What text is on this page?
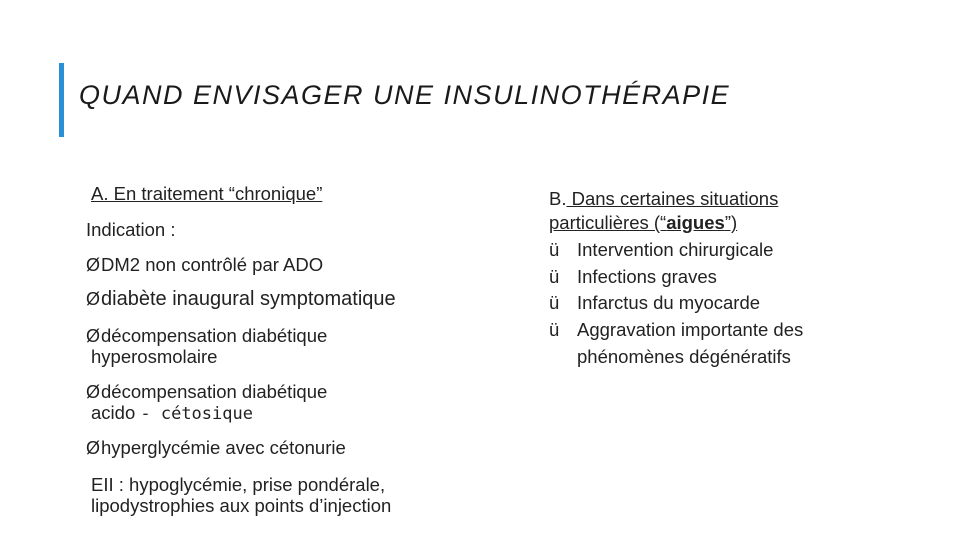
QUAND ENVISAGER UNE INSULINOTHÉRAPIE
A. En traitement “chronique”
Indication :
ØDM2 non contrôlé par ADO
Ødiabète inaugural symptomatique
Ødécompensation diabétique
hyperosmolaire
Ødécompensation diabétique
acido - cétosique
Øhyperglycémie avec cétonurie
EII : hypoglycémie, prise pondérale,
lipodystrophies aux points d’injection
B. Dans certaines situations
particulières (“aigues”)
ü Intervention chirurgicale
ü Infections graves
ü Infarctus du myocarde
ü Aggravation importante des
phénomènes dégénératifs
